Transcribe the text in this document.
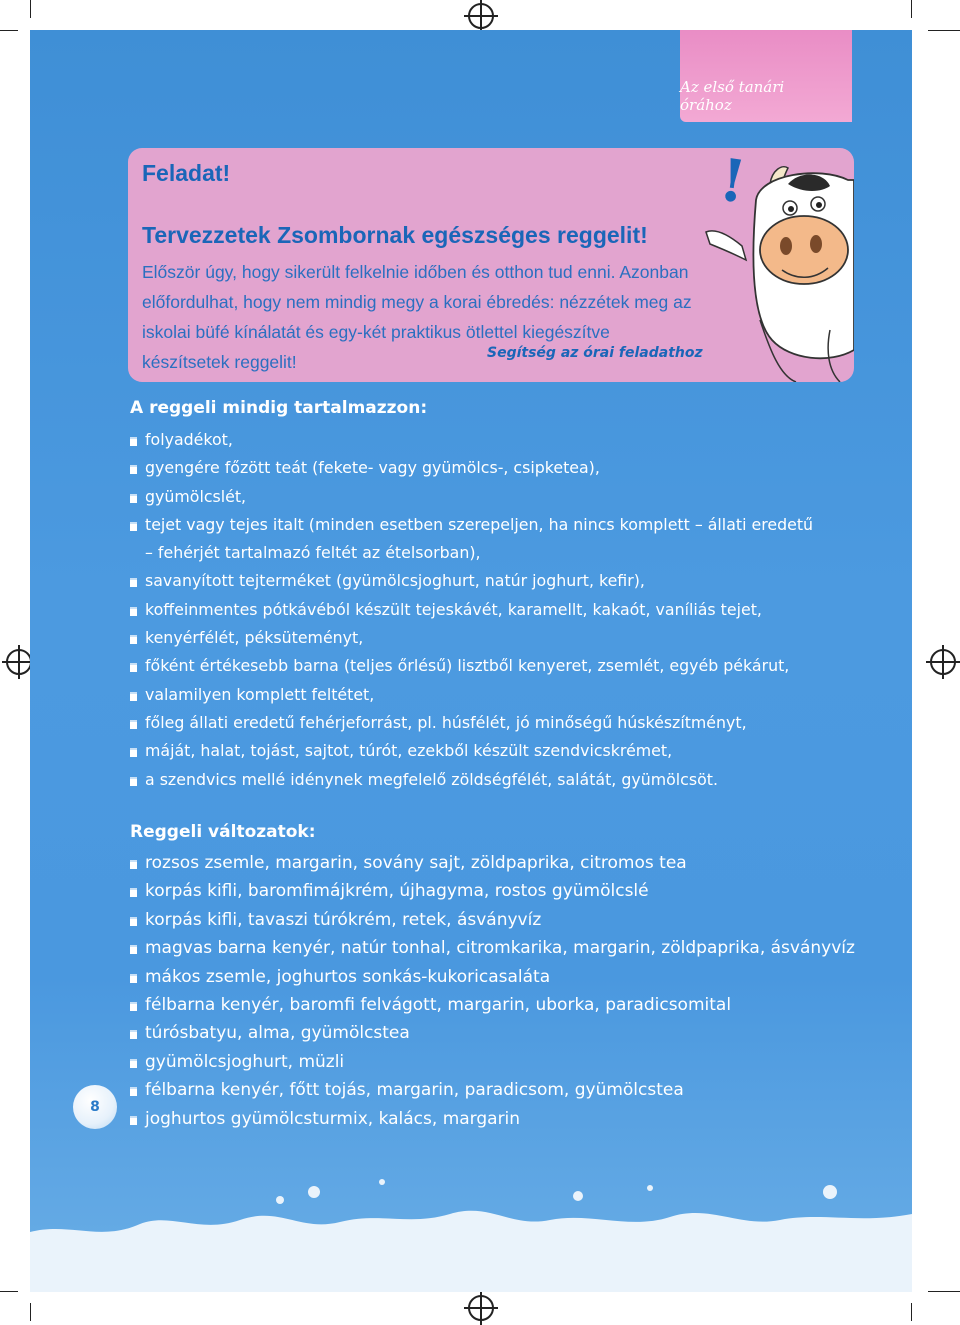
Az első tanári órához
Feladat!
Tervezzetek Zsombornak egészséges reggelit!
Először úgy, hogy sikerült felkelnie időben és otthon tud enni. Azonban előfordulhat, hogy nem mindig megy a korai ébredés: nézzétek meg az iskolai büfé kínálatát és egy-két praktikus ötlettel kiegészítve készítsetek reggelit!	Segítség az órai feladathoz
!
A reggeli mindig tartalmazzon:
folyadékot,
gyengére főzött teát (fekete- vagy gyümölcs-, csipketea),
gyümölcslét,
tejet vagy tejes italt (minden esetben szerepeljen, ha nincs komplett – állati eredetű
– fehérjét tartalmazó feltét az ételsorban),
savanyított tejterméket (gyümölcsjoghurt, natúr joghurt, kefir),
koffeinmentes pótkávéból készült tejeskávét, karamellt, kakaót, vaníliás tejet,
kenyérfélét, péksüteményt,
főként értékesebb barna (teljes őrlésű) lisztből kenyeret, zsemlét, egyéb pékárut,
valamilyen komplett feltétet,
főleg állati eredetű fehérjeforrást, pl. húsfélét, jó minőségű húskészítményt,
máját, halat, tojást, sajtot, túrót, ezekből készült szendvicskrémet,
a szendvics mellé idénynek megfelelő zöldségfélét, salátát, gyümölcsöt.
Reggeli változatok:
rozsos zsemle, margarin, sovány sajt, zöldpaprika, citromos tea
korpás kifli, baromfimájkrém, újhagyma, rostos gyümölcslé
korpás kifli, tavaszi túrókrém, retek, ásványvíz
magvas barna kenyér, natúr tonhal, citromkarika, margarin, zöldpaprika, ásványvíz
mákos zsemle, joghurtos sonkás-kukoricasaláta
félbarna kenyér, baromfi felvágott, margarin, uborka, paradicsomital
túrósbatyu, alma, gyümölcstea
gyümölcsjoghurt, müzli
félbarna kenyér, főtt tojás, margarin, paradicsom, gyümölcstea
joghurtos gyümölcsturmix, kalács, margarin
8
